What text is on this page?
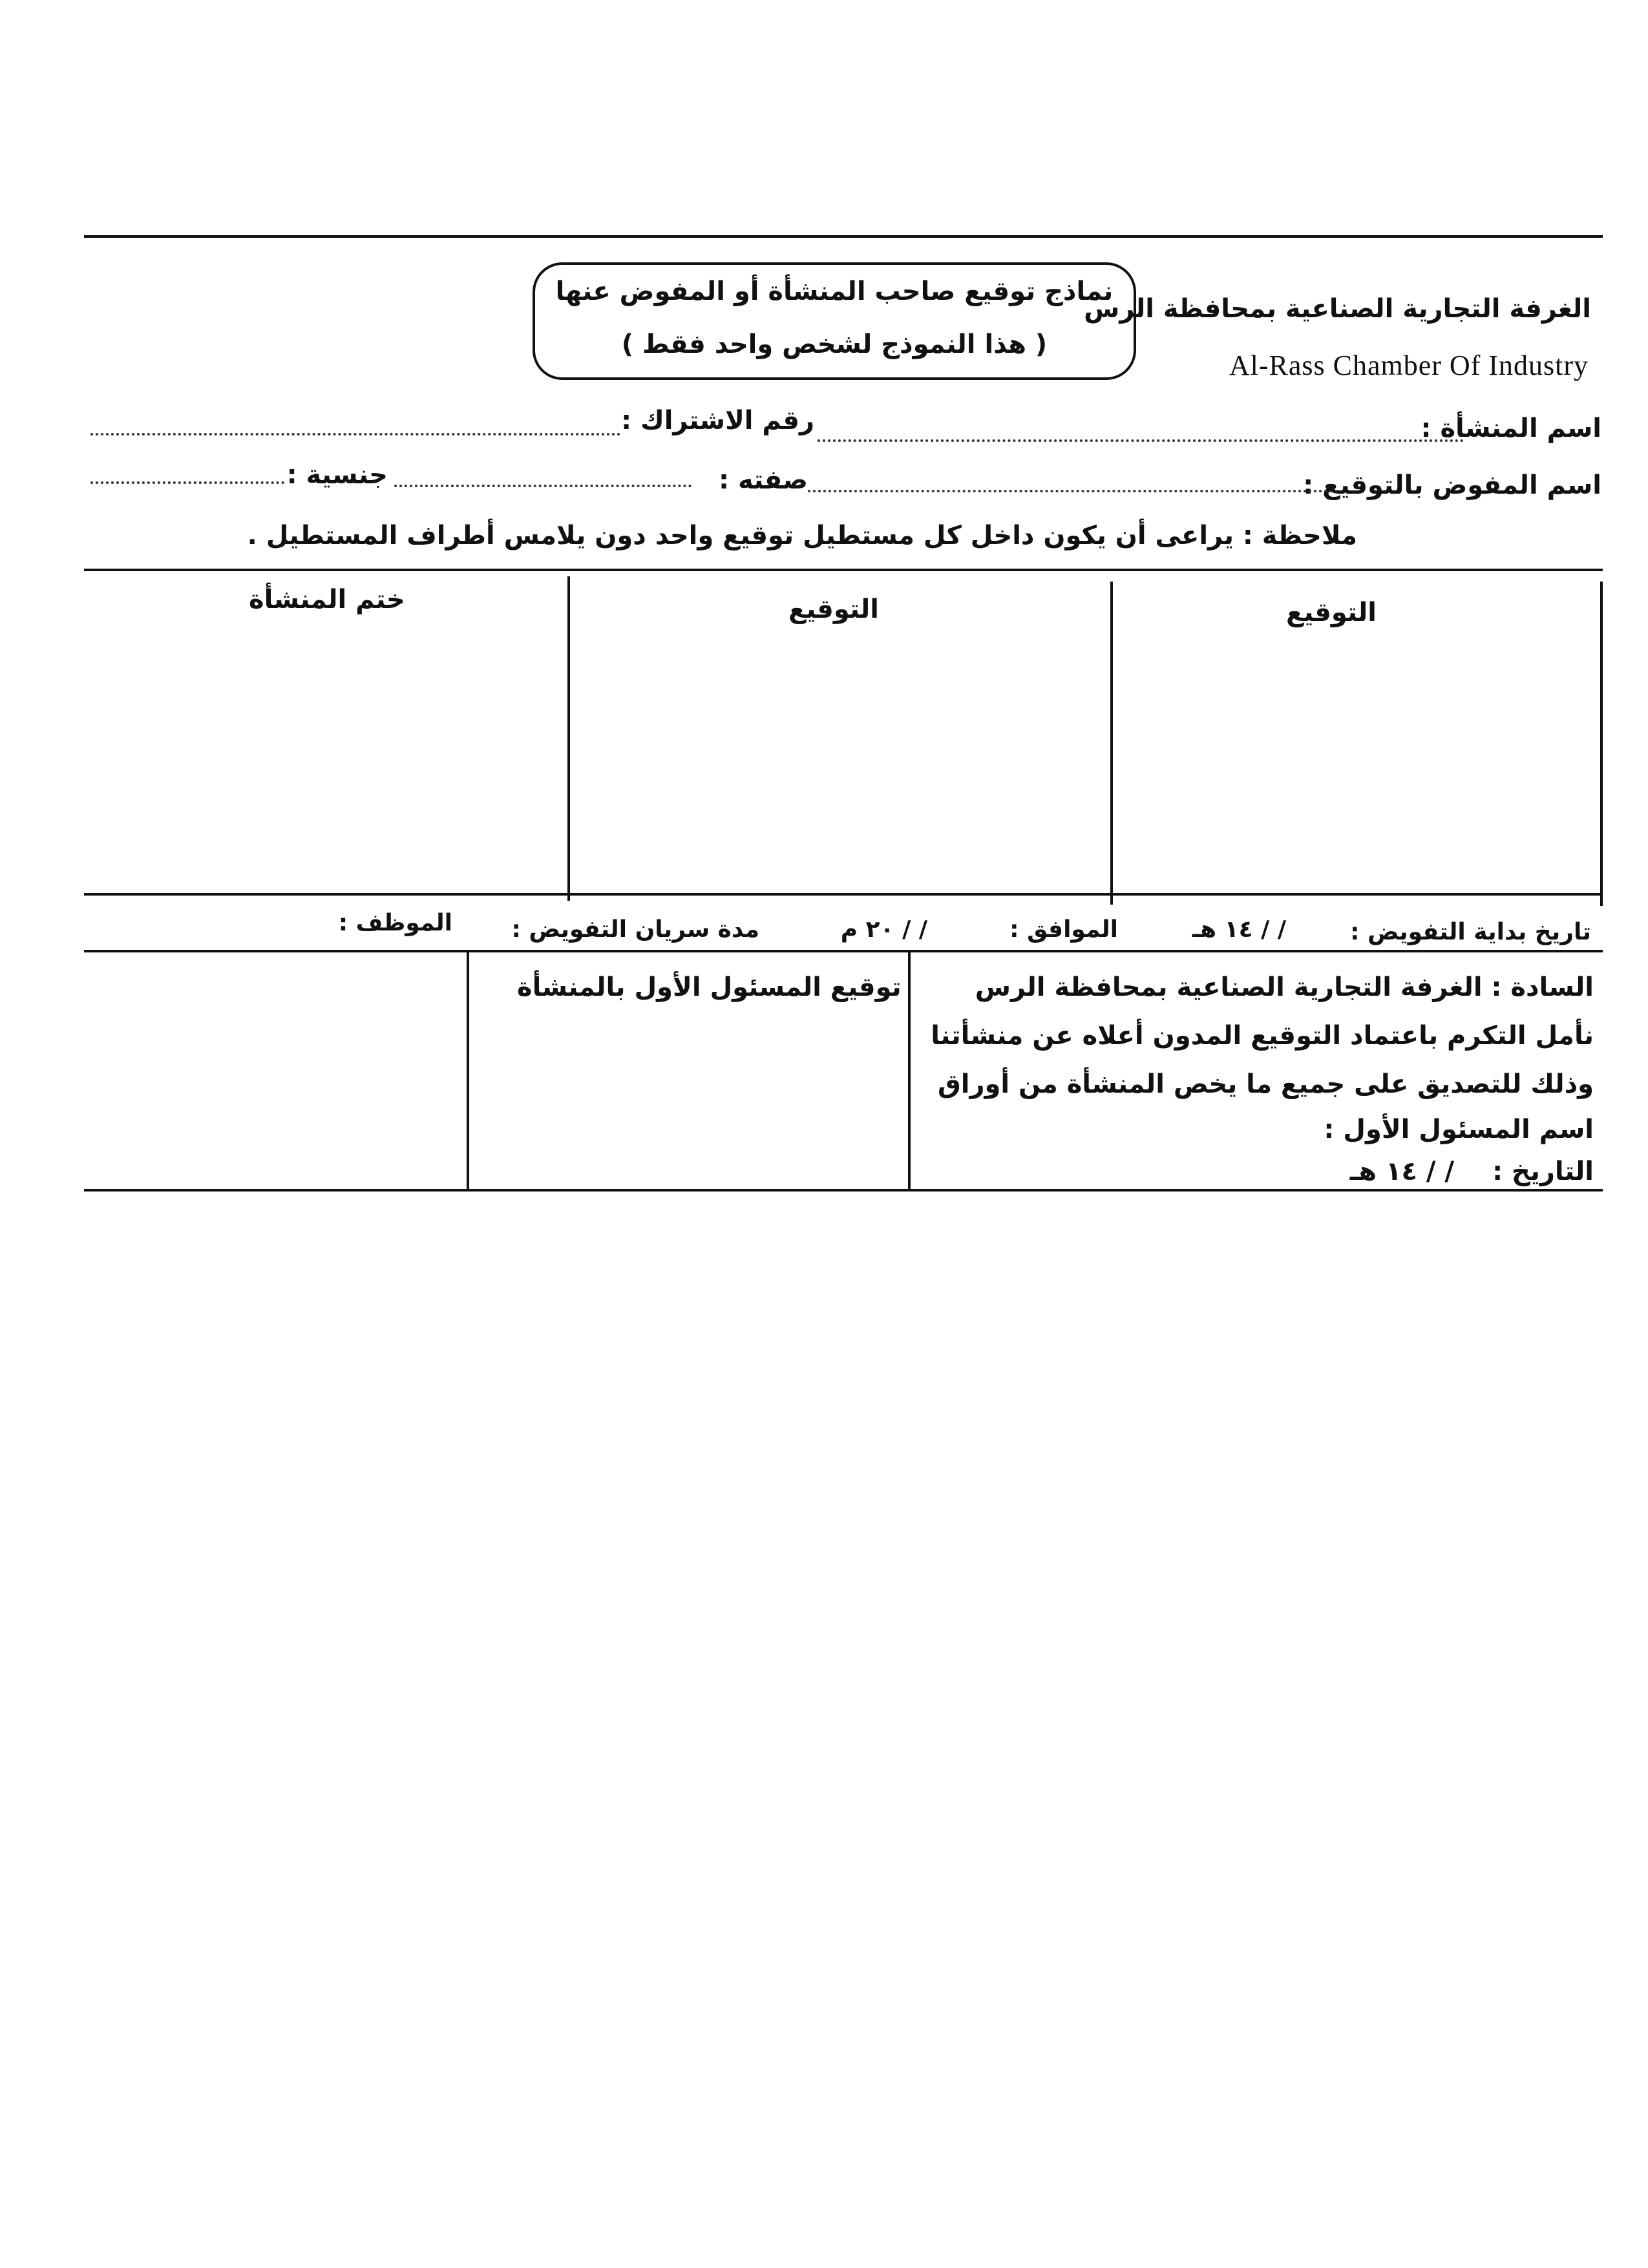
الغرفة التجارية الصناعية بمحافظة الرس
Al-Rass Chamber Of Industry
نماذج توقيع صاحب المنشأة أو المفوض عنها
( هذا النموذج لشخص واحد فقط )
اسم المنشأة :
رقم الاشتراك :
اسم المفوض بالتوقيع :
صفته :
جنسية :
ملاحظة : يراعى أن يكون داخل كل مستطيل توقيع واحد دون يلامس أطراف المستطيل .
التوقيع
التوقيع
ختم المنشأة
تاريخ بداية التفويض :
/ / ١٤ هـ
الموافق :
/ / ٢٠ م
مدة سريان التفويض :
الموظف :
السادة : الغرفة التجارية الصناعية بمحافظة الرس
نأمل التكرم باعتماد التوقيع المدون أعلاه عن منشأتنا
وذلك للتصديق على جميع ما يخص المنشأة من أوراق
اسم المسئول الأول :
التاريخ :
/ / ١٤ هـ
توقيع المسئول الأول بالمنشأة
